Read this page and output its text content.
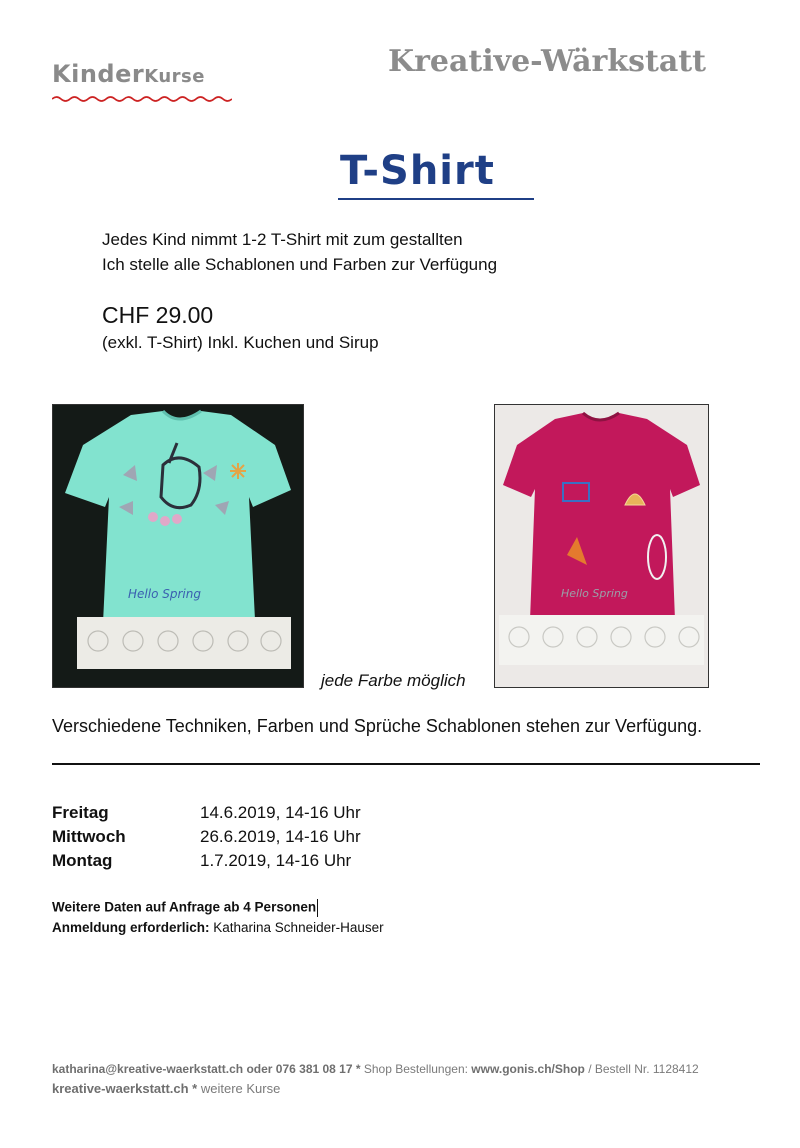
KinderKurse	Kreative-Wärkstatt
T-Shirt
Jedes Kind nimmt 1-2 T-Shirt mit zum gestallten
Ich stelle alle Schablonen und Farben zur Verfügung
CHF 29.00
(exkl. T-Shirt) Inkl. Kuchen und Sirup
Hello Spring
jede Farbe möglich
Hello Spring
Verschiedene Techniken, Farben und Sprüche Schablonen stehen zur Verfügung.
Freitag	14.6.2019, 14-16 Uhr
Mittwoch	26.6.2019, 14-16 Uhr
Montag	1.7.2019, 14-16 Uhr
Weitere Daten auf Anfrage ab 4 Personen
Anmeldung erforderlich: Katharina Schneider-Hauser
katharina@kreative-waerkstatt.ch oder 076 381 08 17 * Shop Bestellungen: www.gonis.ch/Shop / Bestell Nr. 1128412
kreative-waerkstatt.ch * weitere Kurse
